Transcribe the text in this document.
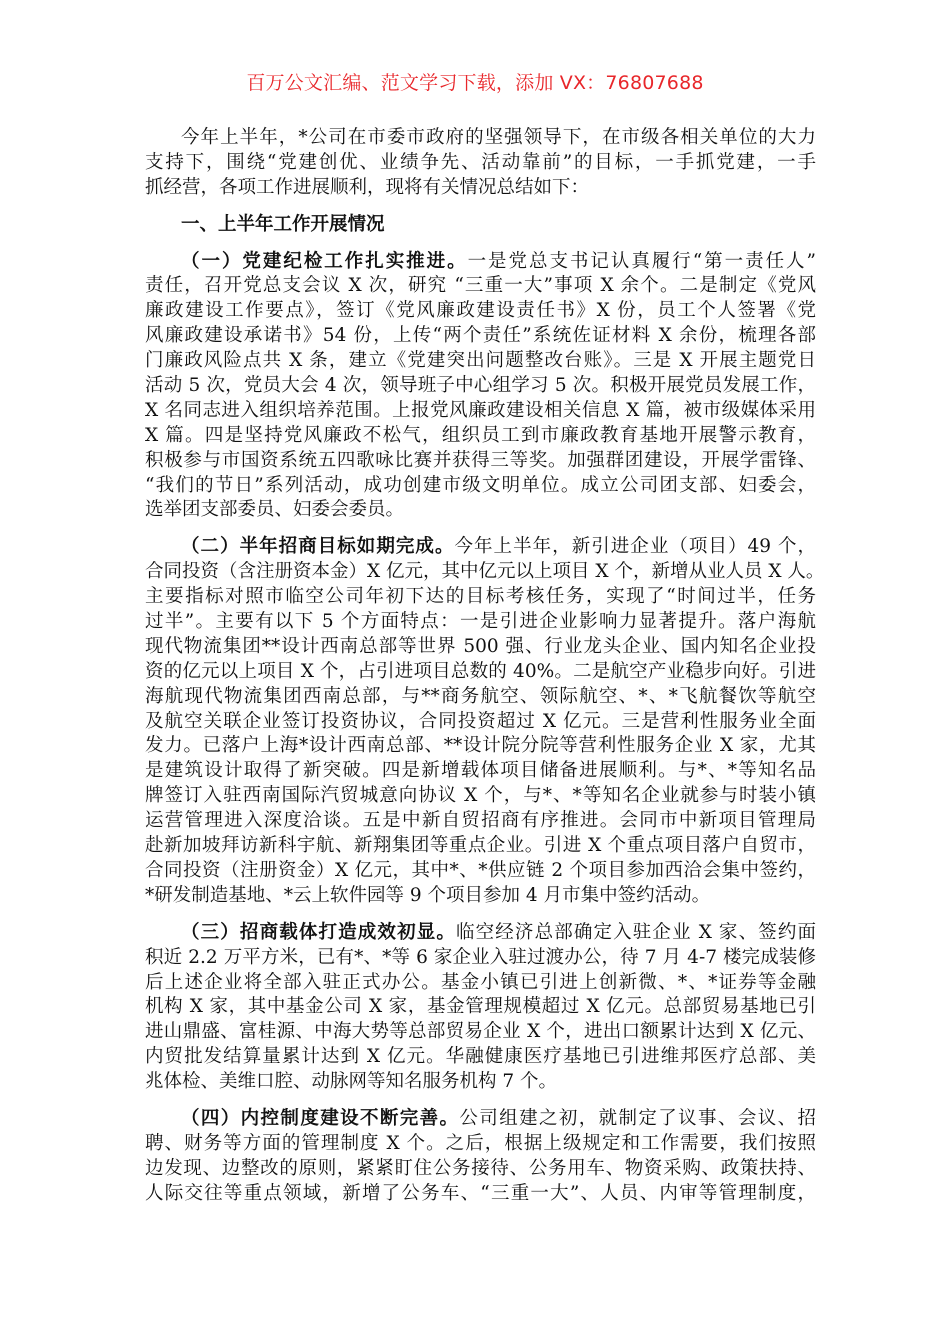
百万公文汇编、范文学习下载，添加 VX：76807688
今年上半年，*公司在市委市政府的坚强领导下，在市级各相关单位的大力
支持下，围绕“党建创优、业绩争先、活动靠前”的目标，一手抓党建，一手
抓经营，各项工作进展顺利，现将有关情况总结如下：
一、上半年工作开展情况
（一）党建纪检工作扎实推进。一是党总支书记认真履行“第一责任人”
责任，召开党总支会议 X 次，研究 “三重一大”事项 X 余个。二是制定《党风
廉政建设工作要点》，签订《党风廉政建设责任书》X 份，员工个人签署《党
风廉政建设承诺书》54 份，上传“两个责任”系统佐证材料 X 余份，梳理各部
门廉政风险点共 X 条，建立《党建突出问题整改台账》。三是 X 开展主题党日
活动 5 次，党员大会 4 次，领导班子中心组学习 5 次。积极开展党员发展工作，
X 名同志进入组织培养范围。上报党风廉政建设相关信息 X 篇，被市级媒体采用
X 篇。四是坚持党风廉政不松气，组织员工到市廉政教育基地开展警示教育，
积极参与市国资系统五四歌咏比赛并获得三等奖。加强群团建设，开展学雷锋、
“我们的节日”系列活动，成功创建市级文明单位。成立公司团支部、妇委会，
选举团支部委员、妇委会委员。
（二）半年招商目标如期完成。今年上半年，新引进企业（项目）49 个，
合同投资（含注册资本金）X 亿元，其中亿元以上项目 X 个，新增从业人员 X 人。
主要指标对照市临空公司年初下达的目标考核任务，实现了“时间过半，任务
过半”。主要有以下 5 个方面特点：一是引进企业影响力显著提升。落户海航
现代物流集团**设计西南总部等世界 500 强、行业龙头企业、国内知名企业投
资的亿元以上项目 X 个，占引进项目总数的 40%。二是航空产业稳步向好。引进
海航现代物流集团西南总部，与**商务航空、领际航空、*、*飞航餐饮等航空
及航空关联企业签订投资协议，合同投资超过 X 亿元。三是营利性服务业全面
发力。已落户上海*设计西南总部、**设计院分院等营利性服务企业 X 家，尤其
是建筑设计取得了新突破。四是新增载体项目储备进展顺利。与*、*等知名品
牌签订入驻西南国际汽贸城意向协议 X 个，与*、*等知名企业就参与时装小镇
运营管理进入深度洽谈。五是中新自贸招商有序推进。会同市中新项目管理局
赴新加坡拜访新科宇航、新翔集团等重点企业。引进 X 个重点项目落户自贸市，
合同投资（注册资金）X 亿元，其中*、*供应链 2 个项目参加西洽会集中签约，
*研发制造基地、*云上软件园等 9 个项目参加 4 月市集中签约活动。
（三）招商载体打造成效初显。临空经济总部确定入驻企业 X 家、签约面
积近 2.2 万平方米，已有*、*等 6 家企业入驻过渡办公，待 7 月 4-7 楼完成装修
后上述企业将全部入驻正式办公。基金小镇已引进上创新微、*、*证券等金融
机构 X 家，其中基金公司 X 家，基金管理规模超过 X 亿元。总部贸易基地已引
进山鼎盛、富桂源、中海大势等总部贸易企业 X 个，进出口额累计达到 X 亿元、
内贸批发结算量累计达到 X 亿元。华融健康医疗基地已引进维邦医疗总部、美
兆体检、美维口腔、动脉网等知名服务机构 7 个。
（四）内控制度建设不断完善。公司组建之初，就制定了议事、会议、招
聘、财务等方面的管理制度 X 个。之后，根据上级规定和工作需要，我们按照
边发现、边整改的原则，紧紧盯住公务接待、公务用车、物资采购、政策扶持、
人际交往等重点领域，新增了公务车、“三重一大”、人员、内审等管理制度，
